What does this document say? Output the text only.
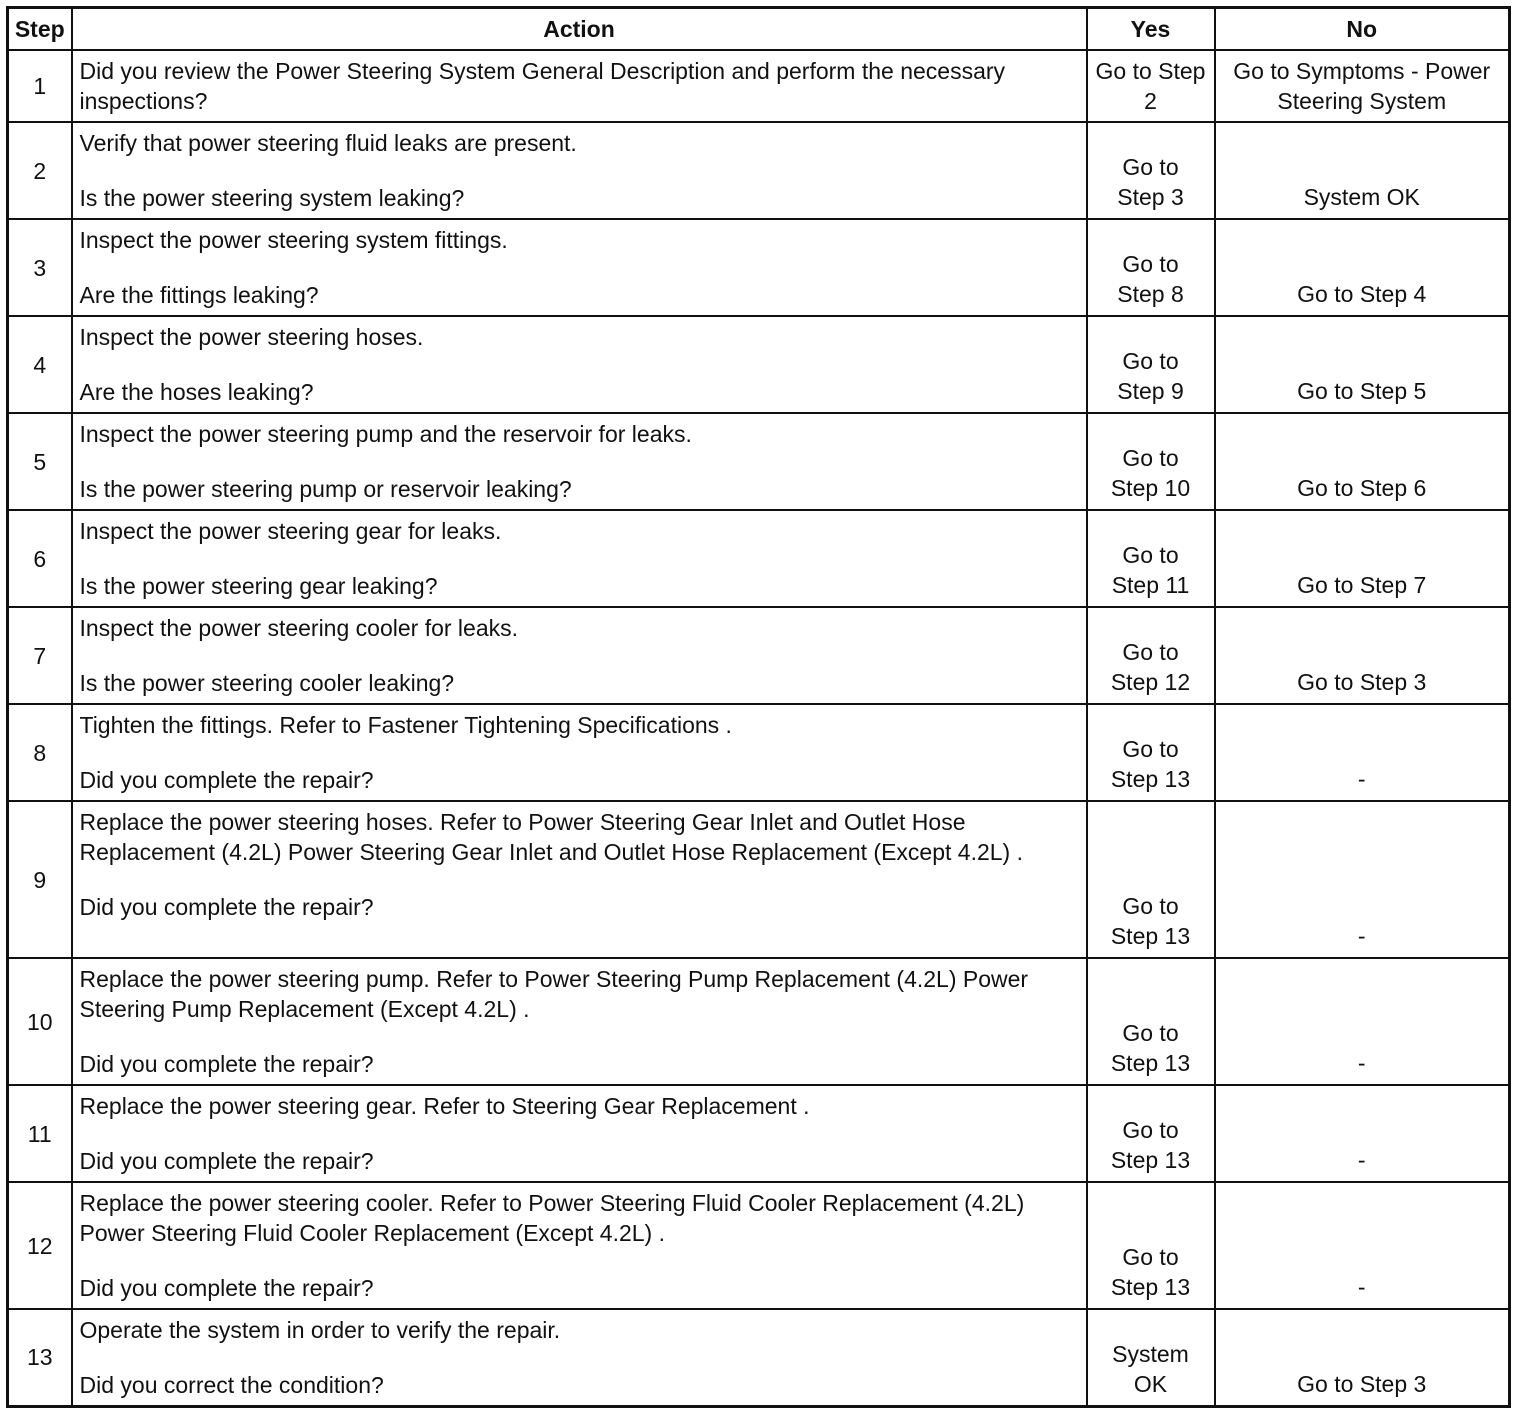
Step	Action	Yes	No
1	Did you review the Power Steering System General Description and perform the necessary inspections?	Go to Step 2	Go to Symptoms - Power Steering System
2	Verify that power steering fluid leaks are present.
Is the power steering system leaking?	Go to Step 3	System OK
3	Inspect the power steering system fittings.
Are the fittings leaking?	Go to Step 8	Go to Step 4
4	Inspect the power steering hoses.
Are the hoses leaking?	Go to Step 9	Go to Step 5
5	Inspect the power steering pump and the reservoir for leaks.
Is the power steering pump or reservoir leaking?	Go to Step 10	Go to Step 6
6	Inspect the power steering gear for leaks.
Is the power steering gear leaking?	Go to Step 11	Go to Step 7
7	Inspect the power steering cooler for leaks.
Is the power steering cooler leaking?	Go to Step 12	Go to Step 3
8	Tighten the fittings. Refer to Fastener Tightening Specifications .
Did you complete the repair?	Go to Step 13	-
9	Replace the power steering hoses. Refer to Power Steering Gear Inlet and Outlet Hose Replacement (4.2L) Power Steering Gear Inlet and Outlet Hose Replacement (Except 4.2L) .
Did you complete the repair?	Go to Step 13	-
10	Replace the power steering pump. Refer to Power Steering Pump Replacement (4.2L) Power Steering Pump Replacement (Except 4.2L) .
Did you complete the repair?	Go to Step 13	-
11	Replace the power steering gear. Refer to Steering Gear Replacement .
Did you complete the repair?	Go to Step 13	-
12	Replace the power steering cooler. Refer to Power Steering Fluid Cooler Replacement (4.2L) Power Steering Fluid Cooler Replacement (Except 4.2L) .
Did you complete the repair?	Go to Step 13	-
13	Operate the system in order to verify the repair.
Did you correct the condition?	System OK	Go to Step 3
